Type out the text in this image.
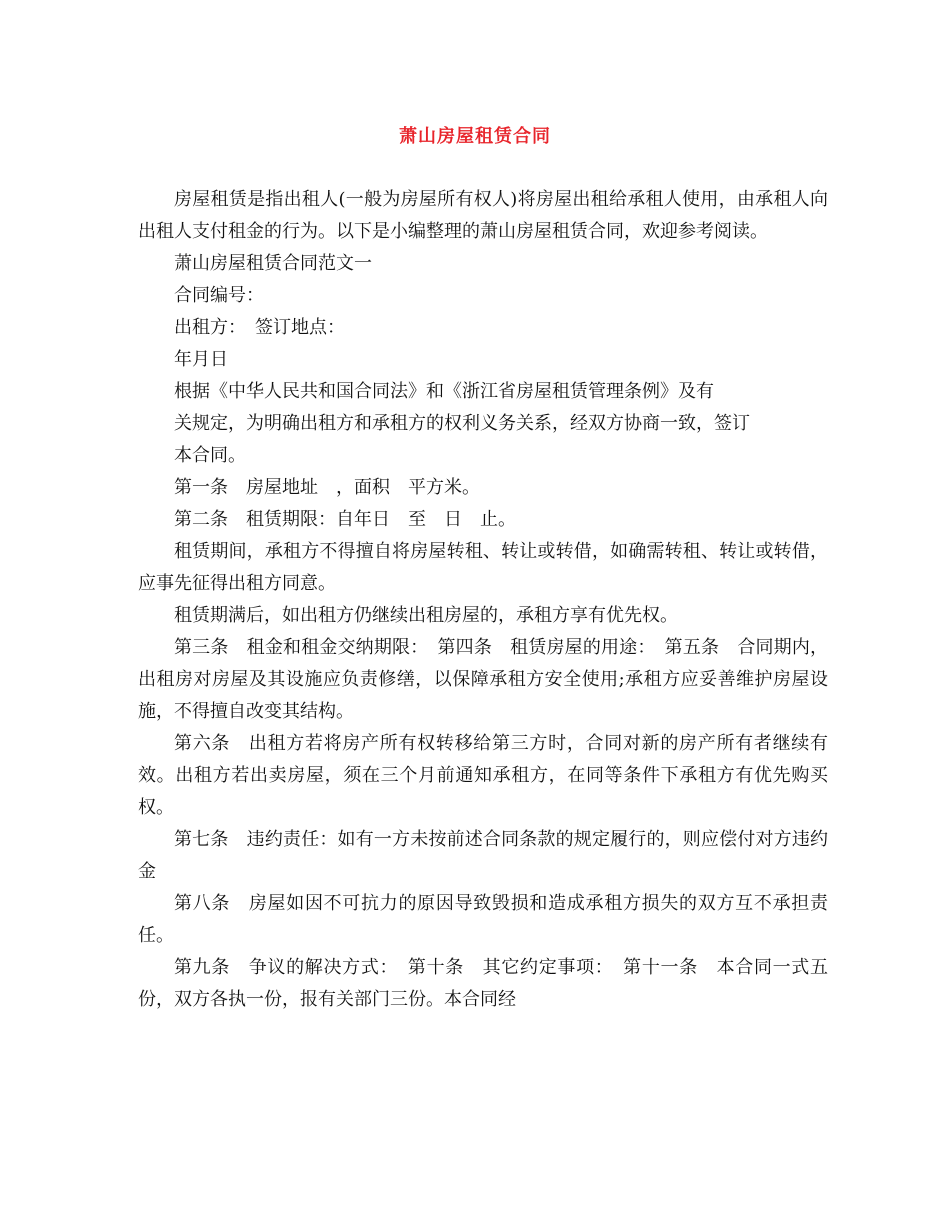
萧山房屋租赁合同

房屋租赁是指出租人(一般为房屋所有权人)将房屋出租给承租人使用，由承租人向出租人支付租金的行为。以下是小编整理的萧山房屋租赁合同，欢迎参考阅读。

萧山房屋租赁合同范文一

合同编号：

出租方：　签订地点：

年月日

根据《中华人民共和国合同法》和《浙江省房屋租赁管理条例》及有

关规定，为明确出租方和承租方的权利义务关系，经双方协商一致，签订

本合同。

第一条　房屋地址　，面积　平方米。

第二条　租赁期限：自年日　至　日　止。

租赁期间，承租方不得擅自将房屋转租、转让或转借，如确需转租、转让或转借，应事先征得出租方同意。

租赁期满后，如出租方仍继续出租房屋的，承租方享有优先权。

第三条　租金和租金交纳期限：　第四条　租赁房屋的用途：　第五条　合同期内，出租房对房屋及其设施应负责修缮，以保障承租方安全使用;承租方应妥善维护房屋设施，不得擅自改变其结构。

第六条　出租方若将房产所有权转移给第三方时，合同对新的房产所有者继续有效。出租方若出卖房屋，须在三个月前通知承租方，在同等条件下承租方有优先购买权。

第七条　违约责任：如有一方未按前述合同条款的规定履行的，则应偿付对方违约金

第八条　房屋如因不可抗力的原因导致毁损和造成承租方损失的双方互不承担责任。

第九条　争议的解决方式：　第十条　其它约定事项：　第十一条　本合同一式五份，双方各执一份，报有关部门三份。本合同经
